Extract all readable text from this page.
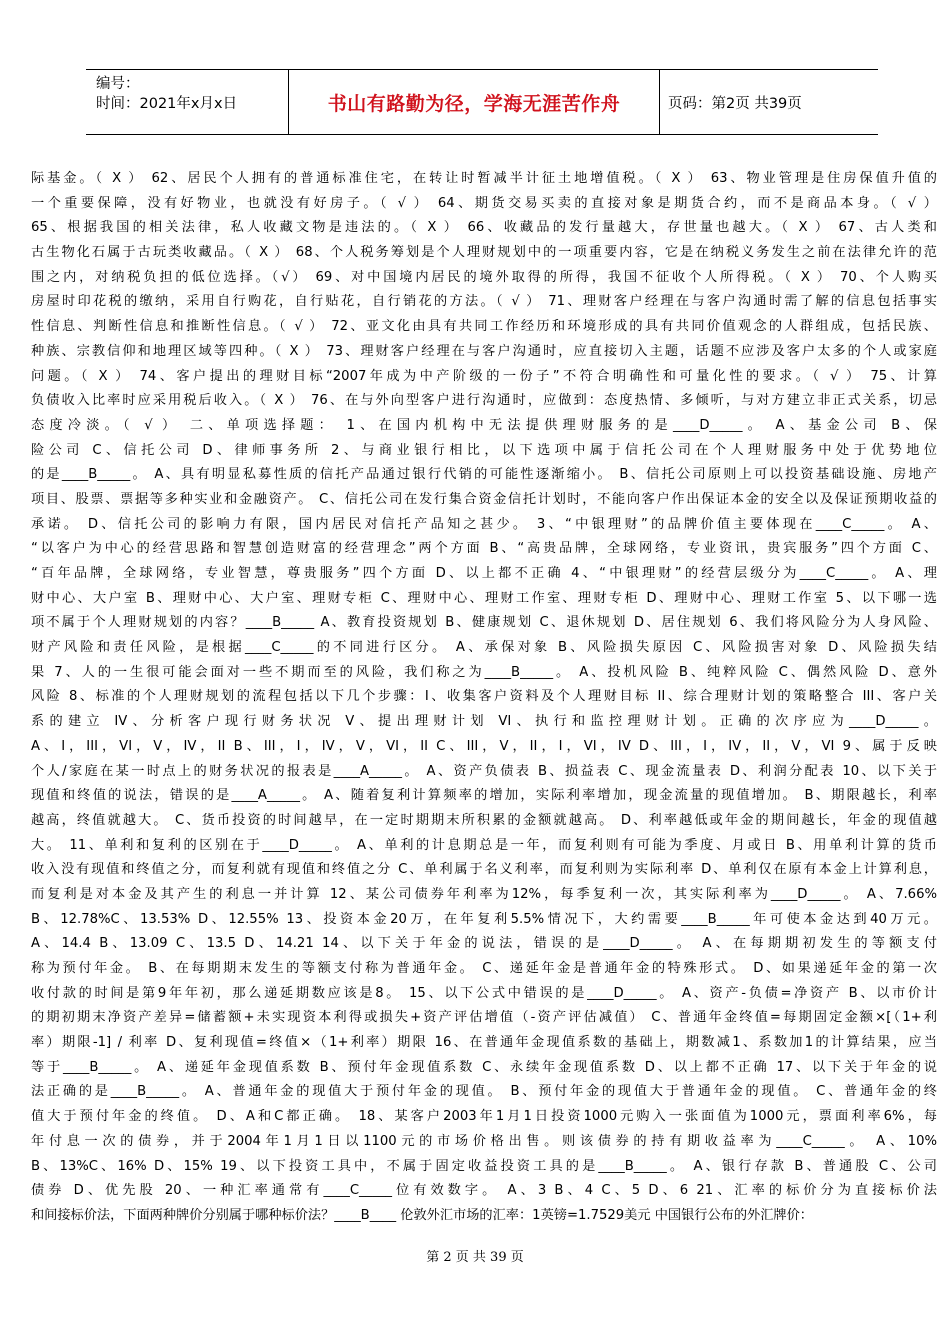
编号：
时间：2021年x月x日	书山有路勤为径，学海无涯苦作舟	页码：第2页 共39页
际基金。（ X ） 62、居民个人拥有的普通标准住宅，在转让时暂减半计征土地增值税。（ X ） 63、物业管理是住房保值升值的
一个重要保障，没有好物业，也就没有好房子。（ √ ） 64、期货交易买卖的直接对象是期货合约，而不是商品本身。（ √ ）
65、根据我国的相关法律，私人收藏文物是违法的。（ X ） 66、收藏品的发行量越大，存世量也越大。（ X ） 67、古人类和
古生物化石属于古玩类收藏品。（ X ） 68、个人税务筹划是个人理财规划中的一项重要内容，它是在纳税义务发生之前在法律允许的范
围之内，对纳税负担的低位选择。（√） 69、对中国境内居民的境外取得的所得，我国不征收个人所得税。（ X ） 70、个人购买
房屋时印花税的缴纳，采用自行购花，自行贴花，自行销花的方法。（ √ ） 71、理财客户经理在与客户沟通时需了解的信息包括事实
性信息、判断性信息和推断性信息。（ √ ） 72、亚文化由具有共同工作经历和环境形成的具有共同价值观念的人群组成，包括民族、
种族、宗教信仰和地理区域等四种。（ X ） 73、理财客户经理在与客户沟通时，应直接切入主题，话题不应涉及客户太多的个人或家庭
问题。（ X ） 74、客户提出的理财目标“2007年成为中产阶级的一份子”不符合明确性和可量化性的要求。（ √ ） 75、计算
负债收入比率时应采用税后收入。（ X ） 76、在与外向型客户进行沟通时，应做到：态度热情、多倾听，与对方建立非正式关系，切忌
态度冷淡。（ √ ） 二、单项选择题： 1、在国内机构中无法提供理财服务的是____D_____。 A、基金公司 B、保
险公司 C、信托公司 D、律师事务所 2、与商业银行相比，以下选项中属于信托公司在个人理财服务中处于优势地位
的是____B_____。 A、具有明显私募性质的信托产品通过银行代销的可能性逐渐缩小。 B、信托公司原则上可以投资基础设施、房地产
项目、股票、票据等多种实业和金融资产。 C、信托公司在发行集合资金信托计划时，不能向客户作出保证本金的安全以及保证预期收益的
承诺。 D、信托公司的影响力有限，国内居民对信托产品知之甚少。 3、“中银理财”的品牌价值主要体现在____C_____。 A、
“以客户为中心的经营思路和智慧创造财富的经营理念”两个方面 B、“高贵品牌，全球网络，专业资讯，贵宾服务”四个方面 C、
“百年品牌，全球网络，专业智慧，尊贵服务”四个方面 D、以上都不正确 4、“中银理财”的经营层级分为____C_____。 A、理
财中心、大户室 B、理财中心、大户室、理财专柜 C、理财中心、理财工作室、理财专柜 D、理财中心、理财工作室 5、以下哪一选
项不属于个人理财规划的内容？____B_____ A、教育投资规划 B、健康规划 C、退休规划 D、居住规划 6、我们将风险分为人身风险、
财产风险和责任风险，是根据____C_____的不同进行区分。 A、承保对象 B、风险损失原因 C、风险损害对象 D、风险损失结
果 7、人的一生很可能会面对一些不期而至的风险，我们称之为____B_____。 A、投机风险 B、纯粹风险 C、偶然风险 D、意外
风险 8、标准的个人理财规划的流程包括以下几个步骤：I、收集客户资料及个人理财目标 II、综合理财计划的策略整合 III、客户关
系的建立 IV、分析客户现行财务状况 V、提出理财计划 VI、执行和监控理财计划。正确的次序应为____D_____。
A、I，III，VI，V，IV，II B、III，I，IV，V，VI，II C、III，V，II，I，VI，IV D、III，I，IV，II，V，VI 9、属于反映
个人/家庭在某一时点上的财务状况的报表是____A_____。 A、资产负债表 B、损益表 C、现金流量表 D、利润分配表 10、以下关于
现值和终值的说法，错误的是____A_____。 A、随着复利计算频率的增加，实际利率增加，现金流量的现值增加。 B、期限越长，利率
越高，终值就越大。 C、货币投资的时间越早，在一定时期期末所积累的金额就越高。 D、利率越低或年金的期间越长，年金的现值越
大。 11、单利和复利的区别在于____D_____。 A、单利的计息期总是一年，而复利则有可能为季度、月或日 B、用单利计算的货币
收入没有现值和终值之分，而复利就有现值和终值之分 C、单利属于名义利率，而复利则为实际利率 D、单利仅在原有本金上计算利息，
而复利是对本金及其产生的利息一并计算 12、某公司债券年利率为12%，每季复利一次，其实际利率为____D_____。 A、7.66%
B、12.78%C、13.53% D、12.55% 13、投资本金20万，在年复利5.5%情况下，大约需要____B_____年可使本金达到40万元。
A、14.4 B、13.09 C、13.5 D、14.21 14、以下关于年金的说法，错误的是____D_____。 A、在每期期初发生的等额支付
称为预付年金。 B、在每期期末发生的等额支付称为普通年金。 C、递延年金是普通年金的特殊形式。 D、如果递延年金的第一次
收付款的时间是第9年年初，那么递延期数应该是8。 15、以下公式中错误的是____D_____。 A、资产-负债=净资产 B、以市价计
的期初期末净资产差异=储蓄额+未实现资本利得或损失+资产评估增值（-资产评估减值） C、普通年金终值=每期固定金额×[（1+利
率）期限-1] / 利率 D、复利现值=终值×（1+利率）期限 16、在普通年金现值系数的基础上，期数减1、系数加1的计算结果，应当
等于____B_____。 A、递延年金现值系数 B、预付年金现值系数 C、永续年金现值系数 D、以上都不正确 17、以下关于年金的说
法正确的是____B_____。 A、普通年金的现值大于预付年金的现值。 B、预付年金的现值大于普通年金的现值。 C、普通年金的终
值大于预付年金的终值。 D、A和C都正确。 18、某客户2003年1月1日投资1000元购入一张面值为1000元，票面利率6%，每
年付息一次的债券，并于2004年1月1日以1100元的市场价格出售。则该债券的持有期收益率为____C_____。 A、10%
B、13%C、16% D、15% 19、以下投资工具中，不属于固定收益投资工具的是____B_____。 A、银行存款 B、普通股 C、公司
债券 D、优先股 20、一种汇率通常有____C_____位有效数字。 A、3 B、4 C、5 D、6 21、汇率的标价分为直接标价法
和间接标价法，下面两种牌价分别属于哪种标价法？____B____ 伦敦外汇市场的汇率：1英镑=1.7529美元 中国银行公布的外汇牌价：
第 2 页 共 39 页
